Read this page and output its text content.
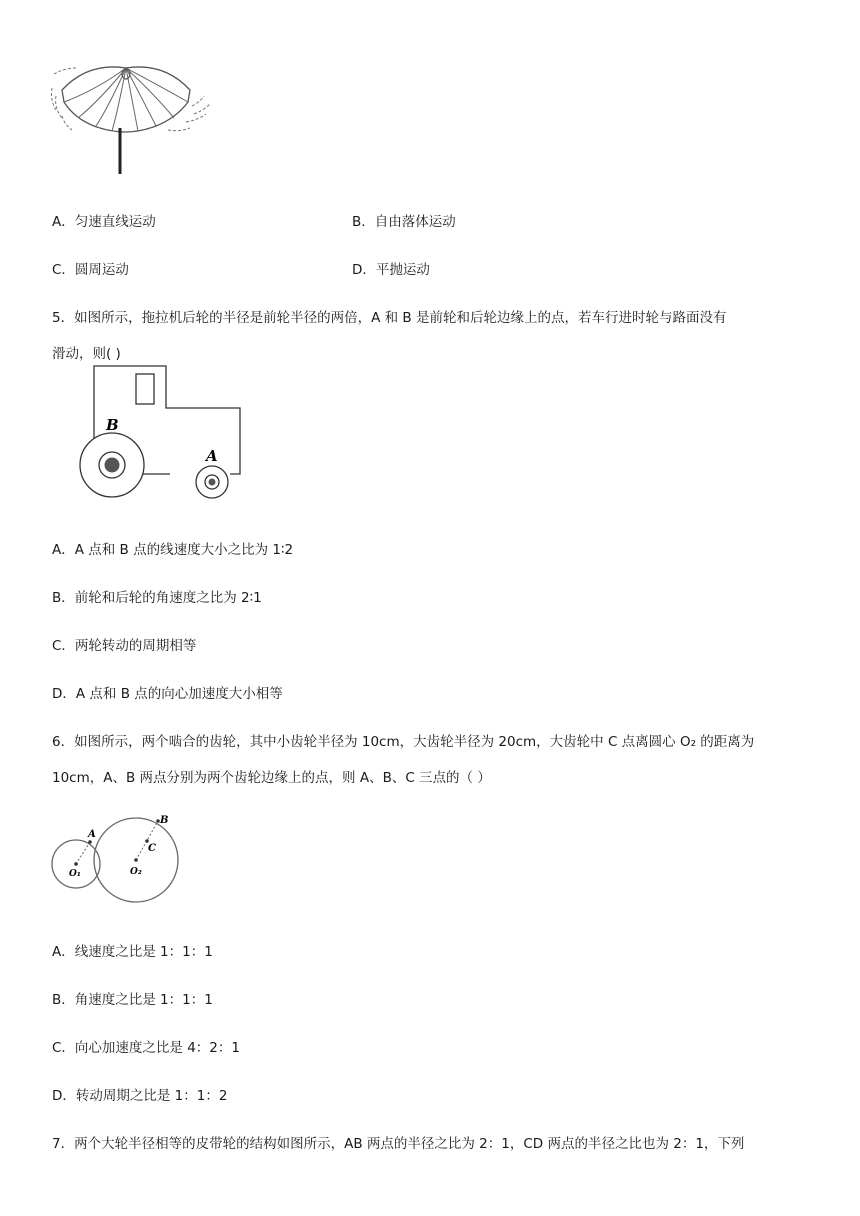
A．匀速直线运动	B．自由落体运动
C．圆周运动	D．平抛运动
5．如图所示，拖拉机后轮的半径是前轮半径的两倍，A 和 B 是前轮和后轮边缘上的点，若车行进时轮与路面没有
滑动，则( )
B
A
A．A 点和 B 点的线速度大小之比为 1∶2
B．前轮和后轮的角速度之比为 2∶1
C．两轮转动的周期相等
D．A 点和 B 点的向心加速度大小相等
6．如图所示，两个啮合的齿轮，其中小齿轮半径为 10cm，大齿轮半径为 20cm，大齿轮中 C 点离圆心 O₂ 的距离为
10cm，A、B 两点分别为两个齿轮边缘上的点，则 A、B、C 三点的（ ）
A
B
C
O₁	O₂
A．线速度之比是 1：1：1
B．角速度之比是 1：1：1
C．向心加速度之比是 4：2：1
D．转动周期之比是 1：1：2
7．两个大轮半径相等的皮带轮的结构如图所示，AB 两点的半径之比为 2：1，CD 两点的半径之比也为 2：1，下列
